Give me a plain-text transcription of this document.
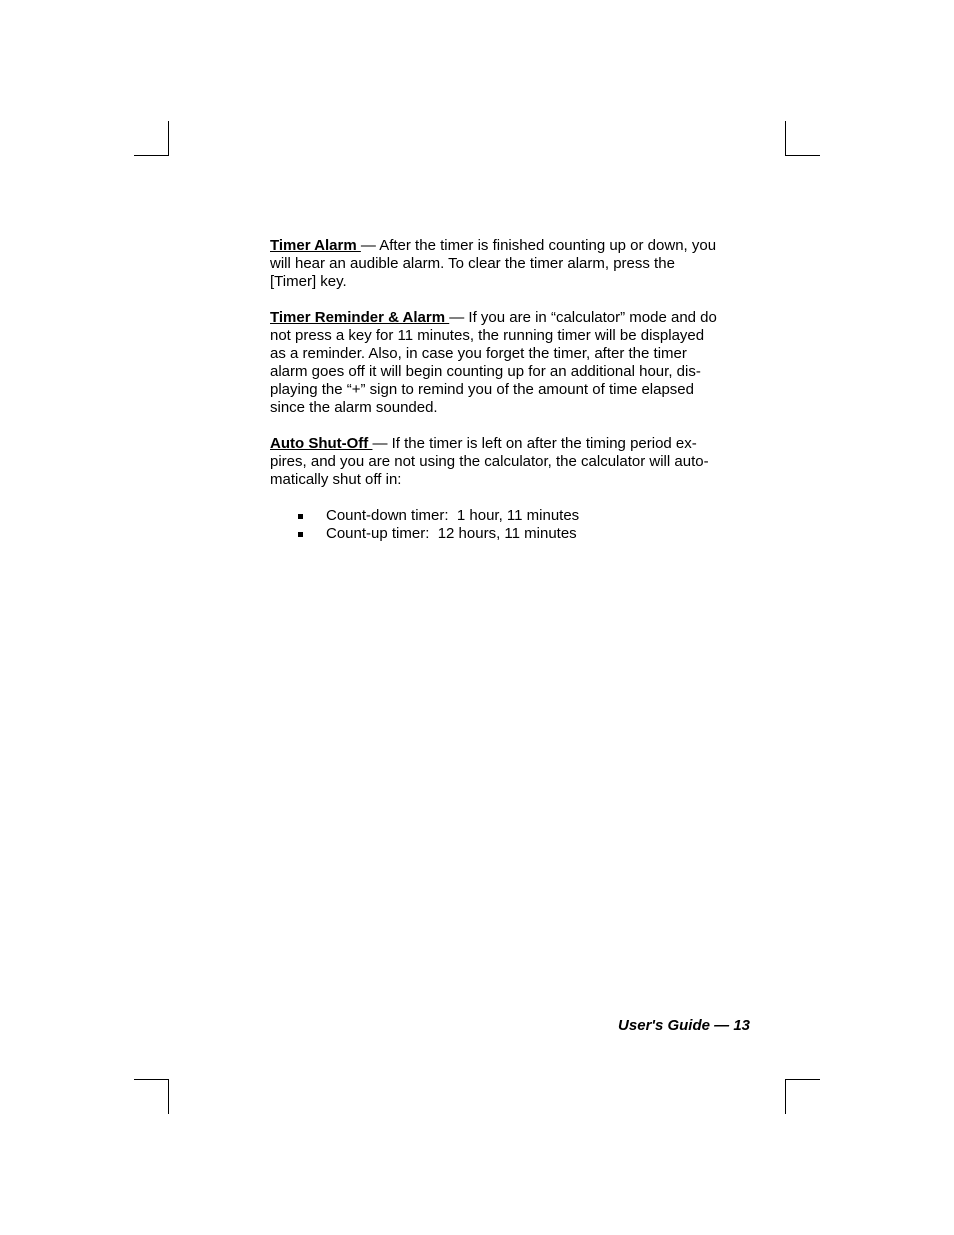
Timer Alarm — After the timer is finished counting up or down, you
will hear an audible alarm. To clear the timer alarm, press the
[Timer] key.
Timer Reminder & Alarm — If you are in “calculator” mode and do
not press a key for 11 minutes, the running timer will be displayed
as a reminder. Also, in case you forget the timer, after the timer
alarm goes off it will begin counting up for an additional hour, dis-
playing the “+” sign to remind you of the amount of time elapsed
since the alarm sounded.
Auto Shut-Off — If the timer is left on after the timing period ex-
pires, and you are not using the calculator, the calculator will auto-
matically shut off in:
Count-down timer:  1 hour, 11 minutes
Count-up timer:  12 hours, 11 minutes
User's Guide — 13
